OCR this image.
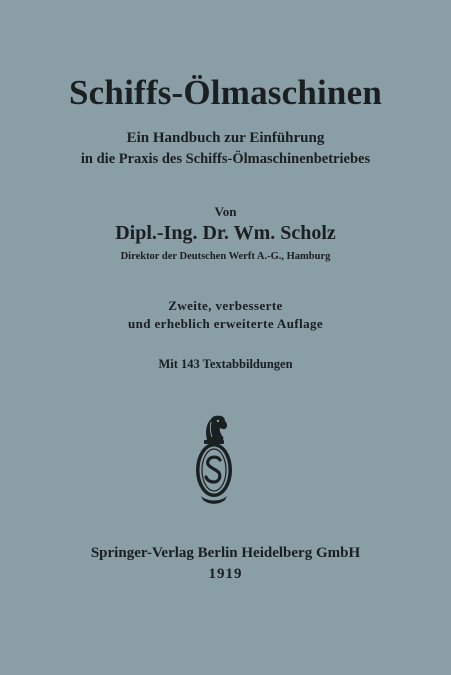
Schiffs-Ölmaschinen

Ein Handbuch zur Einführung

in die Praxis des Schiffs-Ölmaschinenbetriebes

Von

Dipl.-Ing. Dr. Wm. Scholz

Direktor der Deutschen Werft A.-G., Hamburg

Zweite, verbesserte

und erheblich erweiterte Auflage

Mit 143 Textabbildungen

Springer-Verlag Berlin Heidelberg GmbH

1919
